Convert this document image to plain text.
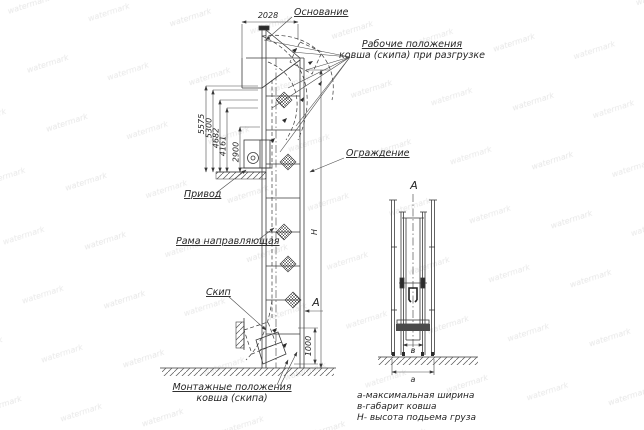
2028
5575
5300
4682
4161 2900
H
1000
А
Основание
Рабочие положения
ковша (скипа) при разгрузке
Ограждение
Привод
Рама направляющая
Скип
Монтажные положения
ковша (скипа)
А
в
а
а-максимальная ширина
в-габарит ковша
Н- высота подьема груза
